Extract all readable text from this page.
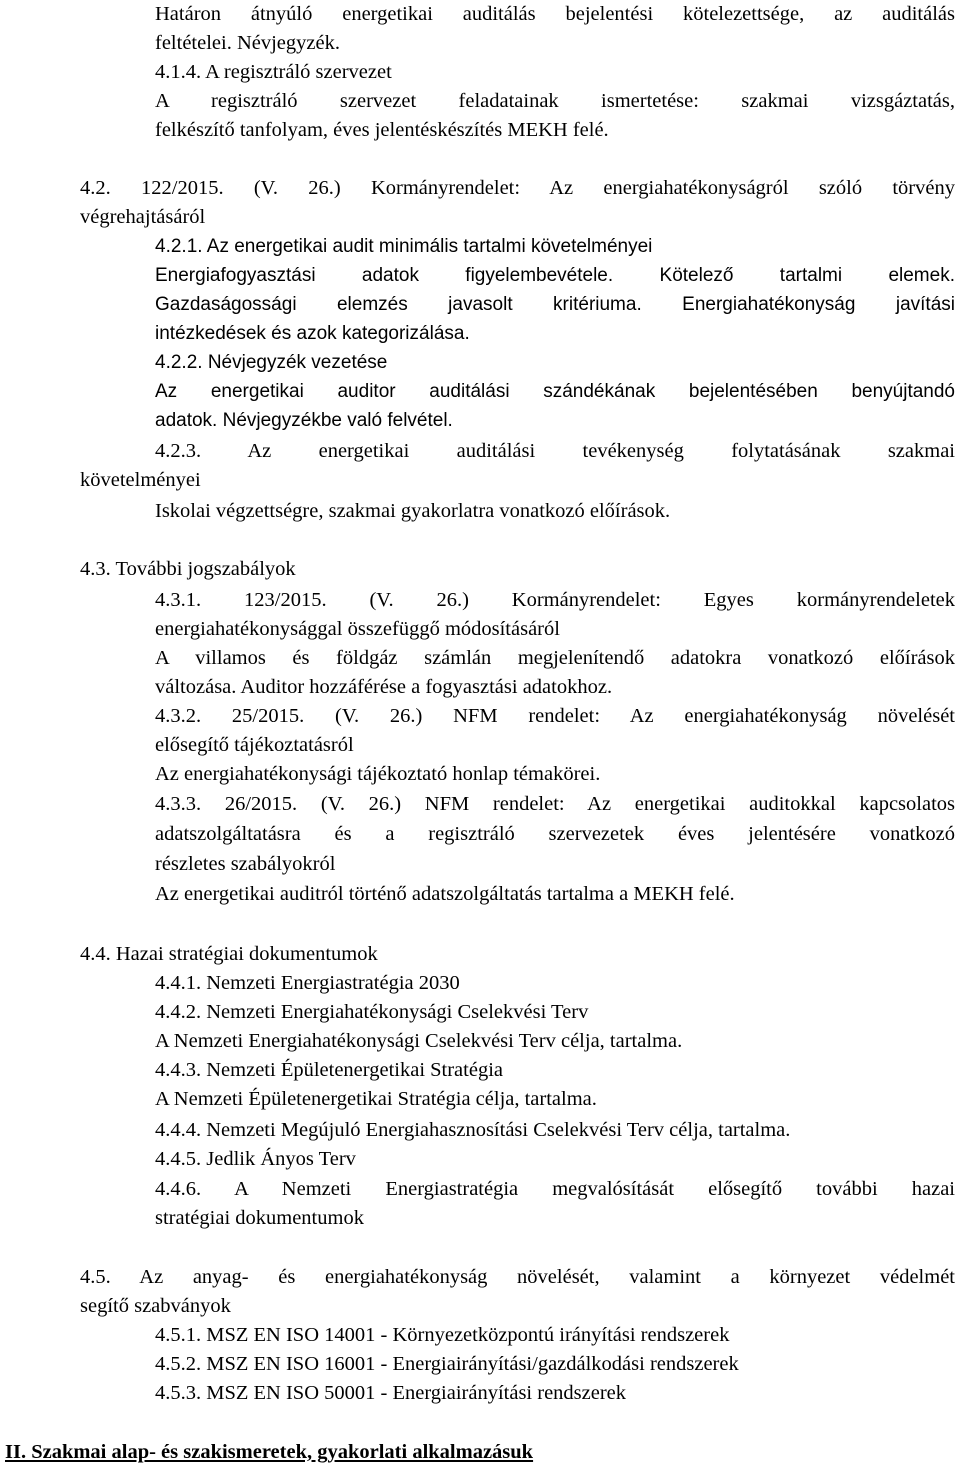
Határon átnyúló energetikai auditálás bejelentési kötelezettsége, az auditálás
feltételei. Névjegyzék.
4.1.4. A regisztráló szervezet
A regisztráló szervezet feladatainak ismertetése: szakmai vizsgáztatás,
felkészítő tanfolyam, éves jelentéskészítés MEKH felé.
4.2. 122/2015. (V. 26.) Kormányrendelet: Az energiahatékonyságról szóló törvény
végrehajtásáról
4.2.1. Az energetikai audit minimális tartalmi követelményei
Energiafogyasztási adatok figyelembevétele. Kötelező tartalmi elemek.
Gazdaságossági elemzés javasolt kritériuma. Energiahatékonyság javítási
intézkedések és azok kategorizálása.
4.2.2. Névjegyzék vezetése
Az energetikai auditor auditálási szándékának bejelentésében benyújtandó
adatok. Névjegyzékbe való felvétel.
4.2.3. Az energetikai auditálási tevékenység folytatásának szakmai
követelményei
Iskolai végzettségre, szakmai gyakorlatra vonatkozó előírások.
4.3. További jogszabályok
4.3.1. 123/2015. (V. 26.) Kormányrendelet: Egyes kormányrendeletek
energiahatékonysággal összefüggő módosításáról
A villamos és földgáz számlán megjelenítendő adatokra vonatkozó előírások
változása. Auditor hozzáférése a fogyasztási adatokhoz.
4.3.2. 25/2015. (V. 26.) NFM rendelet: Az energiahatékonyság növelését
elősegítő tájékoztatásról
Az energiahatékonysági tájékoztató honlap témakörei.
4.3.3. 26/2015. (V. 26.) NFM rendelet: Az energetikai auditokkal kapcsolatos
adatszolgáltatásra és a regisztráló szervezetek éves jelentésére vonatkozó
részletes szabályokról
Az energetikai auditról történő adatszolgáltatás tartalma a MEKH felé.
4.4. Hazai stratégiai dokumentumok
4.4.1. Nemzeti Energiastratégia 2030
4.4.2. Nemzeti Energiahatékonysági Cselekvési Terv
A Nemzeti Energiahatékonysági Cselekvési Terv célja, tartalma.
4.4.3. Nemzeti Épületenergetikai Stratégia
A Nemzeti Épületenergetikai Stratégia célja, tartalma.
4.4.4. Nemzeti Megújuló Energiahasznosítási Cselekvési Terv célja, tartalma.
4.4.5. Jedlik Ányos Terv
4.4.6. A Nemzeti Energiastratégia megvalósítását elősegítő további hazai
stratégiai dokumentumok
4.5. Az anyag- és energiahatékonyság növelését, valamint a környezet védelmét
segítő szabványok
4.5.1. MSZ EN ISO 14001 - Környezetközpontú irányítási rendszerek
4.5.2. MSZ EN ISO 16001 - Energiairányítási/gazdálkodási rendszerek
4.5.3. MSZ EN ISO 50001 - Energiairányítási rendszerek
II. Szakmai alap- és szakismeretek, gyakorlati alkalmazásuk
